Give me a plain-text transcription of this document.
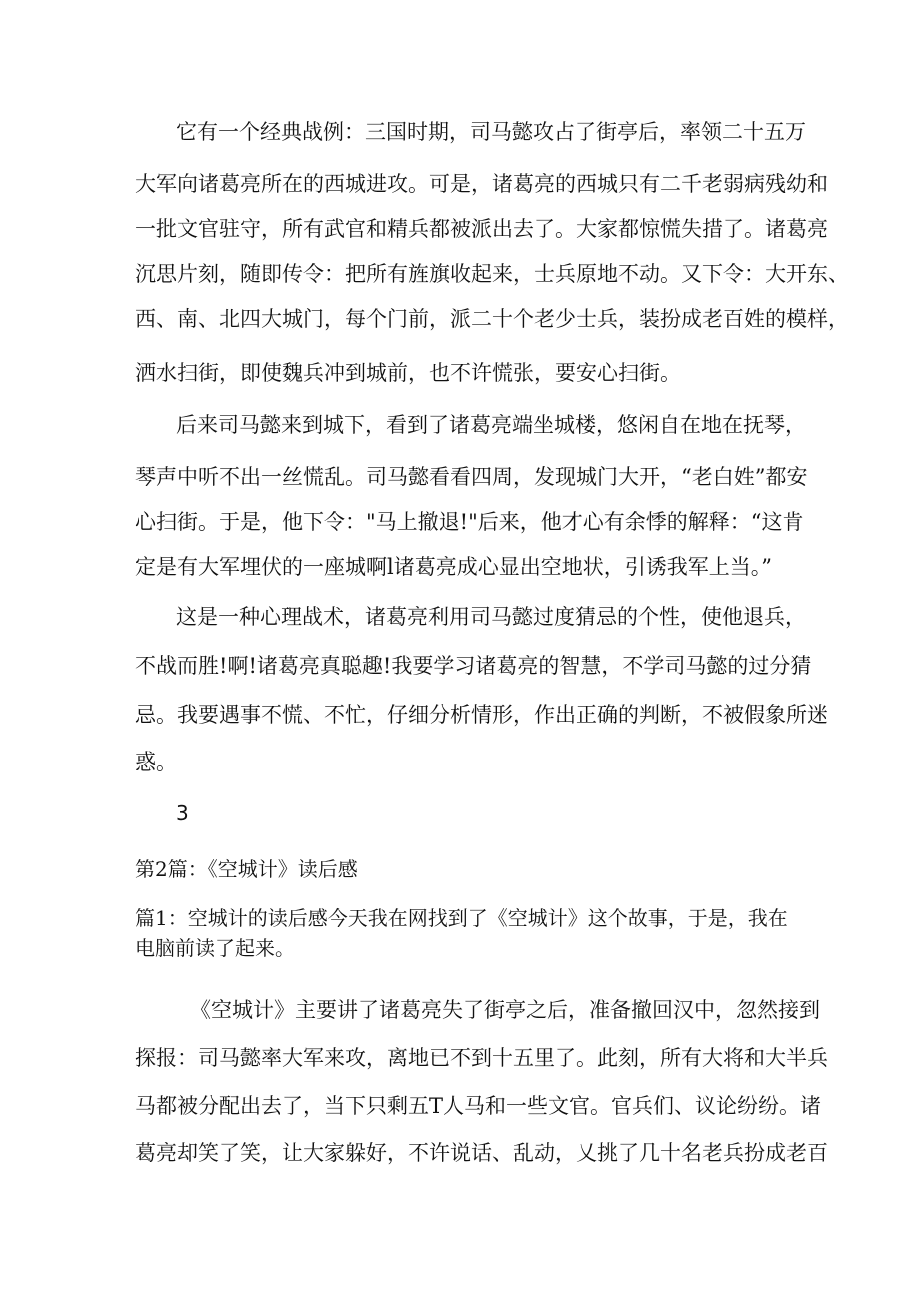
它有一个经典战例：三国时期，司马懿攻占了街亭后，率领二十五万
大军向诸葛亮所在的西城进攻。可是，诸葛亮的西城只有二千老弱病残幼和
一批文官驻守，所有武官和精兵都被派出去了。大家都惊慌失措了。诸葛亮
沉思片刻，随即传令：把所有旌旗收起来，士兵原地不动。又下令：大开东、
西、南、北四大城门，每个门前，派二十个老少士兵，装扮成老百姓的模样，
洒水扫街，即使魏兵冲到城前，也不许慌张，要安心扫街。
后来司马懿来到城下，看到了诸葛亮端坐城楼，悠闲自在地在抚琴，
琴声中听不出一丝慌乱。司马懿看看四周，发现城门大开，“老白姓”都安
心扫街。于是，他下令："马上撤退!"后来，他才心有余悸的解释：“这肯
定是有大军埋伏的一座城啊l诸葛亮成心显出空地状，引诱我军上当。”
这是一种心理战术，诸葛亮利用司马懿过度猜忌的个性，使他退兵，
不战而胜!啊!诸葛亮真聪趣!我要学习诸葛亮的智慧，不学司马懿的过分猜
忌。我要遇事不慌、不忙，仔细分析情形，作出正确的判断，不被假象所迷
惑。
3
第2篇：《空城计》读后感
篇1：空城计的读后感今天我在网找到了《空城计》这个故事，于是，我在
电脑前读了起来。
《空城计》主要讲了诸葛亮失了街亭之后，准备撤回汉中，忽然接到
探报：司马懿率大军来攻，离地已不到十五里了。此刻，所有大将和大半兵
马都被分配出去了，当下只剩五T人马和一些文官。官兵们、议论纷纷。诸
葛亮却笑了笑，让大家躲好，不许说话、乱动，乂挑了几十名老兵扮成老百
